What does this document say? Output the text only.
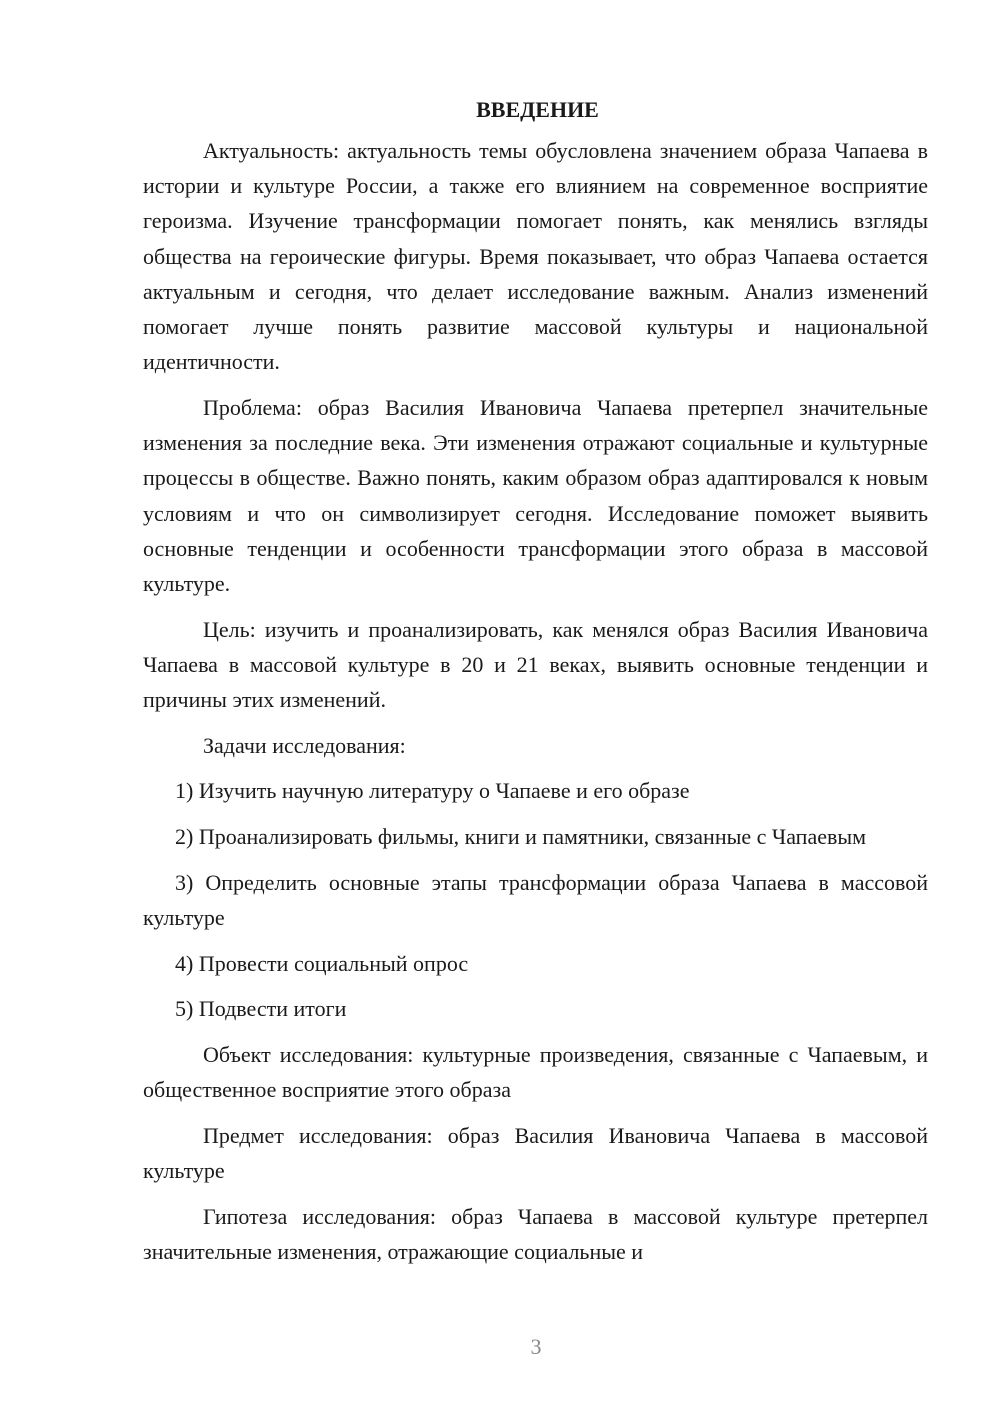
ВВЕДЕНИЕ

Актуальность: актуальность темы обусловлена значением образа Чапаева в истории и культуре России, а также его влиянием на современное восприятие героизма. Изучение трансформации помогает понять, как менялись взгляды общества на героические фигуры. Время показывает, что образ Чапаева остается актуальным и сегодня, что делает исследование важным. Анализ изменений помогает лучше понять развитие массовой культуры и национальной идентичности.

Проблема: образ Василия Ивановича Чапаева претерпел значительные изменения за последние века. Эти изменения отражают социальные и культурные процессы в обществе. Важно понять, каким образом образ адаптировался к новым условиям и что он символизирует сегодня. Исследование поможет выявить основные тенденции и особенности трансформации этого образа в массовой культуре.

Цель: изучить и проанализировать, как менялся образ Василия Ивановича Чапаева в массовой культуре в 20 и 21 веках, выявить основные тенденции и причины этих изменений.

Задачи исследования:

1) Изучить научную литературу о Чапаеве и его образе

2) Проанализировать фильмы, книги и памятники, связанные с Чапаевым

3) Определить основные этапы трансформации образа Чапаева в массовой культуре

4) Провести социальный опрос

5) Подвести итоги

Объект исследования: культурные произведения, связанные с Чапаевым, и общественное восприятие этого образа

Предмет исследования: образ Василия Ивановича Чапаева в массовой культуре

Гипотеза исследования: образ Чапаева в массовой культуре претерпел значительные изменения, отражающие социальные и

3
